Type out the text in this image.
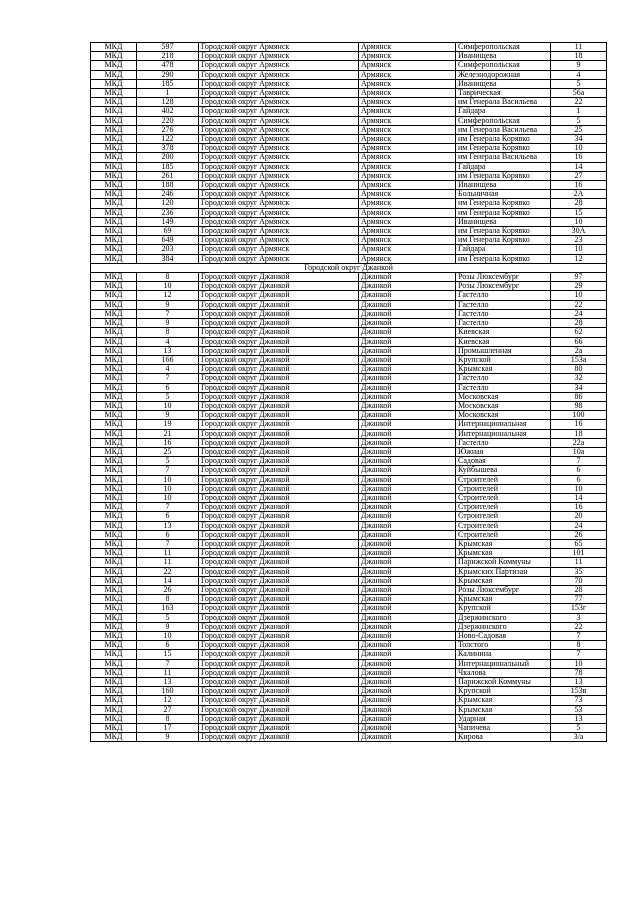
МКД	597	Городской округ Армянск	Армянск	Симферопольская	11
МКД	218	Городской округ Армянск	Армянск	Иванищева	18
МКД	478	Городской округ Армянск	Армянск	Симферопольская	9
МКД	290	Городской округ Армянск	Армянск	Железнодорожная	4
МКД	185	Городской округ Армянск	Армянск	Иванищева	5
МКД	1	Городской округ Армянск	Армянск	Таврическая	56а
МКД	128	Городской округ Армянск	Армянск	им Генерала Васильева	22
МКД	402	Городской округ Армянск	Армянск	Гайдара	1
МКД	220	Городской округ Армянск	Армянск	Симферопольская	5
МКД	276	Городской округ Армянск	Армянск	им Генерала Васильева	25
МКД	122	Городской округ Армянск	Армянск	им Генерала Корявко	34
МКД	378	Городской округ Армянск	Армянск	им Генерала Корявко	10
МКД	200	Городской округ Армянск	Армянск	им Генерала Васильева	16
МКД	185	Городской округ Армянск	Армянск	Гайдара	14
МКД	261	Городской округ Армянск	Армянск	им Генерала Корявко	27
МКД	188	Городской округ Армянск	Армянск	Иванищева	16
МКД	246	Городской округ Армянск	Армянск	Больничная	2А
МКД	120	Городской округ Армянск	Армянск	им Генерала Корявко	28
МКД	236	Городской округ Армянск	Армянск	им Генерала Корявко	15
МКД	149	Городской округ Армянск	Армянск	Иванищева	10
МКД	69	Городской округ Армянск	Армянск	им Генерала Корявко	30А
МКД	649	Городской округ Армянск	Армянск	им Генерала Корявко	23
МКД	203	Городской округ Армянск	Армянск	Гайдара	10
МКД	384	Городской округ Армянск	Армянск	им Генерала Корявко	12
Городской округ Джанкой					
МКД	8	Городской округ Джанкой	Джанкой	Розы Люксембург	97
МКД	10	Городской округ Джанкой	Джанкой	Розы Люксембург	29
МКД	12	Городской округ Джанкой	Джанкой	Гастелло	10
МКД	9	Городской округ Джанкой	Джанкой	Гастелло	22
МКД	7	Городской округ Джанкой	Джанкой	Гастелло	24
МКД	9	Городской округ Джанкой	Джанкой	Гастелло	28
МКД	8	Городской округ Джанкой	Джанкой	Киевская	62
МКД	4	Городской округ Джанкой	Джанкой	Киевская	66
МКД	13	Городской округ Джанкой	Джанкой	Промышленная	2а
МКД	166	Городской округ Джанкой	Джанкой	Крупской	153а
МКД	4	Городской округ Джанкой	Джанкой	Крымская	80
МКД	7	Городской округ Джанкой	Джанкой	Гастелло	32
МКД	6	Городской округ Джанкой	Джанкой	Гастелло	34
МКД	5	Городской округ Джанкой	Джанкой	Московская	86
МКД	10	Городской округ Джанкой	Джанкой	Московская	98
МКД	9	Городской округ Джанкой	Джанкой	Московская	100
МКД	19	Городской округ Джанкой	Джанкой	Интернациональная	16
МКД	21	Городской округ Джанкой	Джанкой	Интернациональная	18
МКД	16	Городской округ Джанкой	Джанкой	Гастелло	22а
МКД	25	Городской округ Джанкой	Джанкой	Южная	10а
МКД	5	Городской округ Джанкой	Джанкой	Садовая	7
МКД	7	Городской округ Джанкой	Джанкой	Куйбышева	6
МКД	10	Городской округ Джанкой	Джанкой	Строителей	6
МКД	10	Городской округ Джанкой	Джанкой	Строителей	10
МКД	10	Городской округ Джанкой	Джанкой	Строителей	14
МКД	7	Городской округ Джанкой	Джанкой	Строителей	16
МКД	6	Городской округ Джанкой	Джанкой	Строителей	20
МКД	13	Городской округ Джанкой	Джанкой	Строителей	24
МКД	6	Городской округ Джанкой	Джанкой	Строителей	26
МКД	7	Городской округ Джанкой	Джанкой	Крымская	65
МКД	11	Городской округ Джанкой	Джанкой	Крымская	101
МКД	11	Городской округ Джанкой	Джанкой	Парижской Коммуны	11
МКД	22	Городской округ Джанкой	Джанкой	Крымских Партизан	35
МКД	14	Городской округ Джанкой	Джанкой	Крымская	70
МКД	26	Городской округ Джанкой	Джанкой	Розы Люксембург	28
МКД	8	Городской округ Джанкой	Джанкой	Крымская	77
МКД	163	Городской округ Джанкой	Джанкой	Крупской	153г
МКД	5	Городской округ Джанкой	Джанкой	Дзержинского	3
МКД	9	Городской округ Джанкой	Джанкой	Дзержинского	22
МКД	10	Городской округ Джанкой	Джанкой	Ново-Садовая	7
МКД	6	Городской округ Джанкой	Джанкой	Толстого	8
МКД	15	Городской округ Джанкой	Джанкой	Калинина	7
МКД	7	Городской округ Джанкой	Джанкой	Интернациональный	10
МКД	11	Городской округ Джанкой	Джанкой	Чкалова	78
МКД	13	Городской округ Джанкой	Джанкой	Парижской Коммуны	13
МКД	160	Городской округ Джанкой	Джанкой	Крупской	153в
МКД	12	Городской округ Джанкой	Джанкой	Крымская	73
МКД	27	Городской округ Джанкой	Джанкой	Крымская	53
МКД	8	Городской округ Джанкой	Джанкой	Ударная	13
МКД	17	Городской округ Джанкой	Джанкой	Чапичева	5
МКД	9	Городской округ Джанкой	Джанкой	Кирова	3/а
